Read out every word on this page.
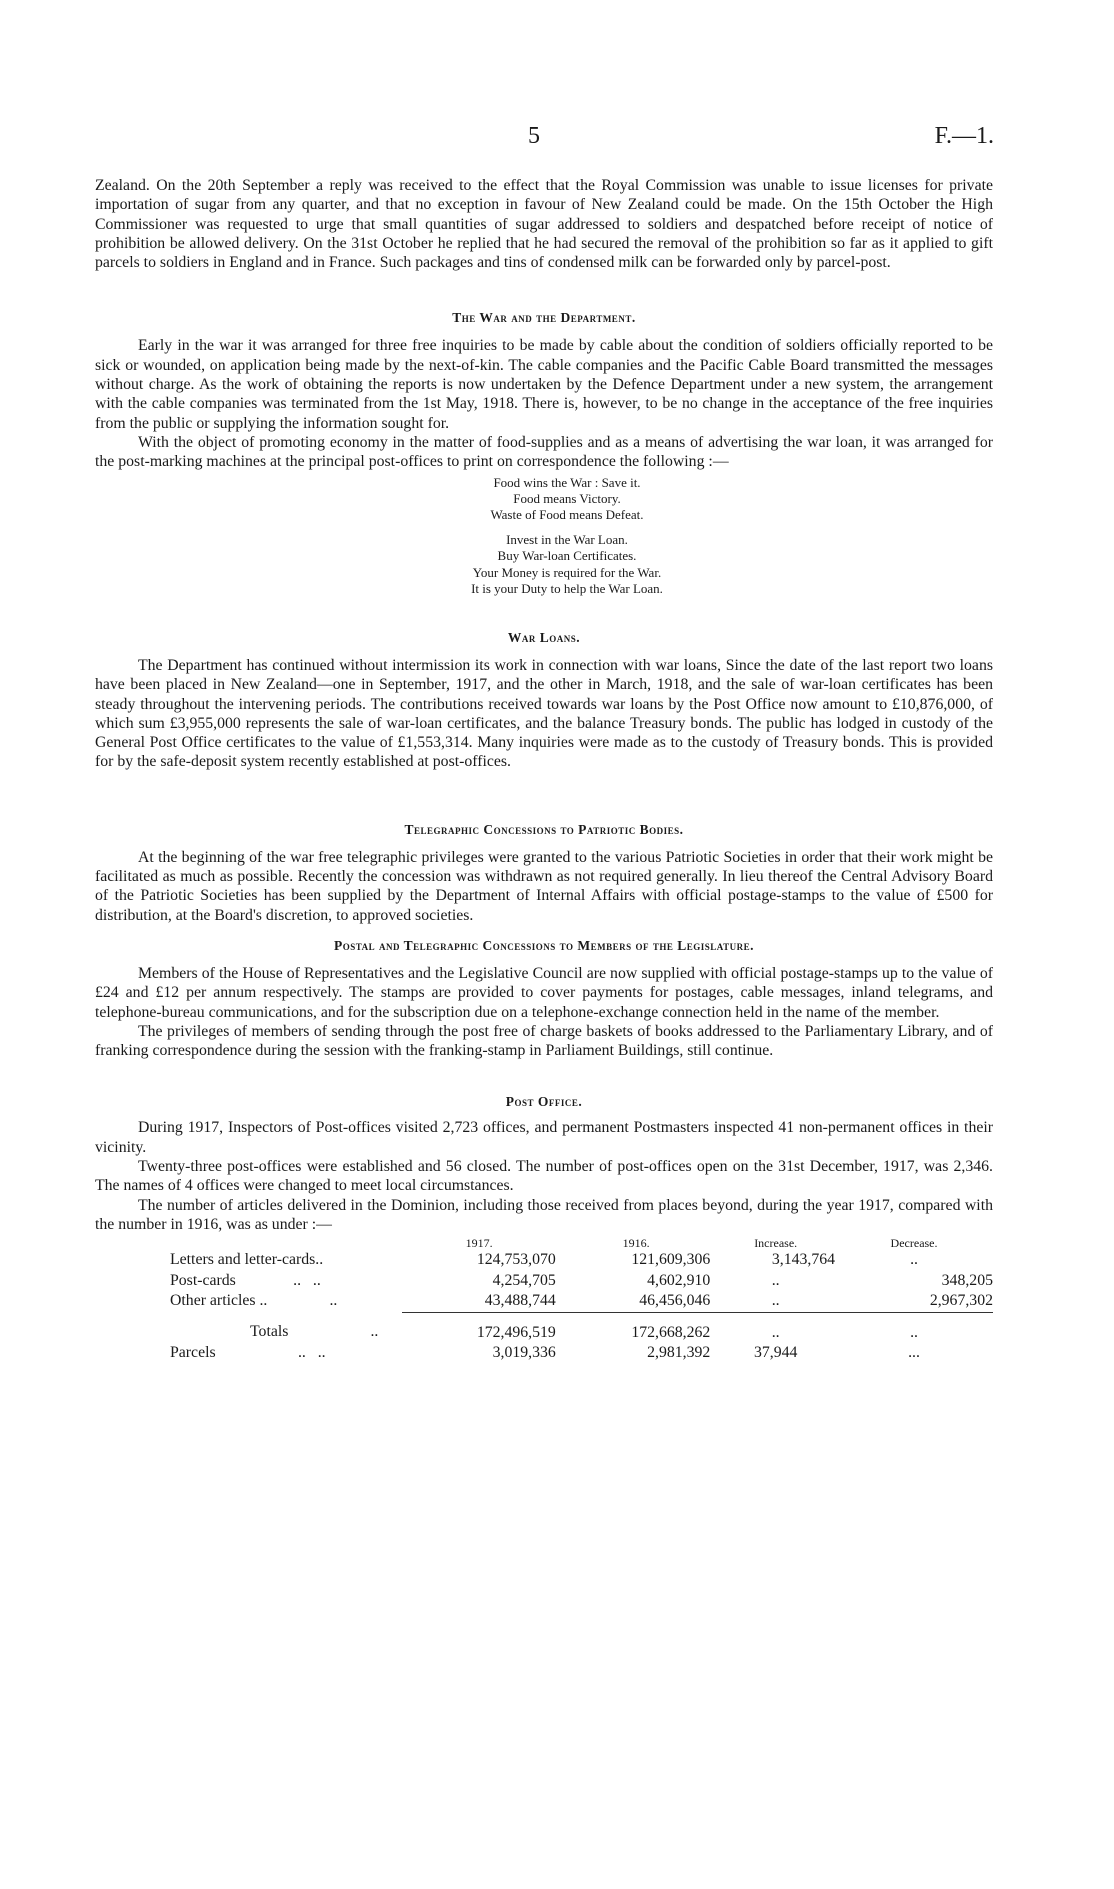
5	F.—1.

Zealand. On the 20th September a reply was received to the effect that the Royal Commission was unable to issue licenses for private importation of sugar from any quarter, and that no exception in favour of New Zealand could be made. On the 15th October the High Commissioner was requested to urge that small quantities of sugar addressed to soldiers and despatched before receipt of notice of prohibition be allowed delivery. On the 31st October he replied that he had secured the removal of the prohibition so far as it applied to gift parcels to soldiers in England and in France. Such packages and tins of condensed milk can be forwarded only by parcel-post.

The War and the Department.

Early in the war it was arranged for three free inquiries to be made by cable about the condition of soldiers officially reported to be sick or wounded, on application being made by the next-of-kin. The cable companies and the Pacific Cable Board transmitted the messages without charge. As the work of obtaining the reports is now undertaken by the Defence Department under a new system, the arrangement with the cable companies was terminated from the 1st May, 1918. There is, however, to be no change in the acceptance of the free inquiries from the public or supplying the information sought for.

With the object of promoting economy in the matter of food-supplies and as a means of advertising the war loan, it was arranged for the post-marking machines at the principal post-offices to print on correspondence the following :—

Food wins the War : Save it.
Food means Victory.
Waste of Food means Defeat.
Invest in the War Loan.
Buy War-loan Certificates.
Your Money is required for the War.
It is your Duty to help the War Loan.
War Loans.

The Department has continued without intermission its work in connection with war loans, Since the date of the last report two loans have been placed in New Zealand—one in September, 1917, and the other in March, 1918, and the sale of war-loan certificates has been steady throughout the intervening periods. The contributions received towards war loans by the Post Office now amount to £10,876,000, of which sum £3,955,000 represents the sale of war-loan certificates, and the balance Treasury bonds. The public has lodged in custody of the General Post Office certificates to the value of £1,553,314. Many inquiries were made as to the custody of Treasury bonds. This is provided for by the safe-deposit system recently established at post-offices.

Telegraphic Concessions to Patriotic Bodies.

At the beginning of the war free telegraphic privileges were granted to the various Patriotic Societies in order that their work might be facilitated as much as possible. Recently the concession was withdrawn as not required generally. In lieu thereof the Central Advisory Board of the Patriotic Societies has been supplied by the Department of Internal Affairs with official postage-stamps to the value of £500 for distribution, at the Board's discretion, to approved societies.

Postal and Telegraphic Concessions to Members of the Legislature.

Members of the House of Representatives and the Legislative Council are now supplied with official postage-stamps up to the value of £24 and £12 per annum respectively. The stamps are provided to cover payments for postages, cable messages, inland telegrams, and telephone-bureau communications, and for the subscription due on a telephone-exchange connection held in the name of the member.

The privileges of members of sending through the post free of charge baskets of books addressed to the Parliamentary Library, and of franking correspondence during the session with the franking-stamp in Parliament Buildings, still continue.

Post Office.

During 1917, Inspectors of Post-offices visited 2,723 offices, and permanent Postmasters inspected 41 non-permanent offices in their vicinity.

Twenty-three post-offices were established and 56 closed. The number of post-offices open on the 31st December, 1917, was 2,346. The names of 4 offices were changed to meet local circumstances.

The number of articles delivered in the Dominion, including those received from places beyond, during the year 1917, compared with the number in 1916, was as under :—

	1917.	1916.	Increase.	Decrease.
Letters and letter-cards..	124,753,070	121,609,306	3,143,764	..
Post-cards ..   ..	4,254,705	4,602,910	..	348,205
Other articles .. ..	43,488,744	46,456,046	..	2,967,302
Totals ..	172,496,519	172,668,262	..	..
Parcels ..   ..	3,019,336	2,981,392	37,944	...
